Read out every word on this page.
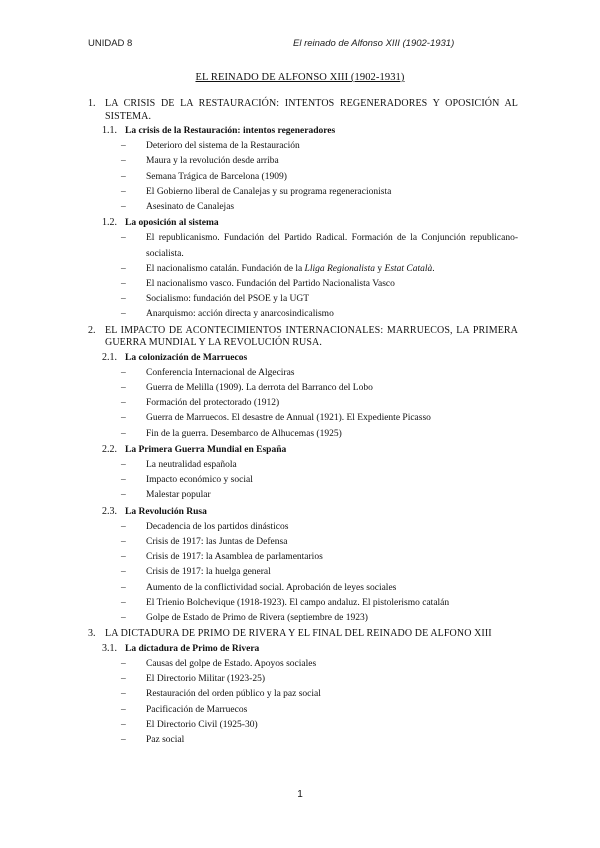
UNIDAD 8	El reinado de Alfonso XIII (1902-1931)
EL REINADO DE ALFONSO XIII (1902-1931)
1. LA CRISIS DE LA RESTAURACIÓN: INTENTOS REGENERADORES Y OPOSICIÓN AL SISTEMA.
1.1. La crisis de la Restauración: intentos regeneradores
– Deterioro del sistema de la Restauración
– Maura y la revolución desde arriba
– Semana Trágica de Barcelona (1909)
– El Gobierno liberal de Canalejas y su programa regeneracionista
– Asesinato de Canalejas
1.2. La oposición al sistema
– El republicanismo. Fundación del Partido Radical. Formación de la Conjunción republicano-socialista.
– El nacionalismo catalán. Fundación de la Lliga Regionalista y Estat Català.
– El nacionalismo vasco. Fundación del Partido Nacionalista Vasco
– Socialismo: fundación del PSOE y la UGT
– Anarquismo: acción directa y anarcosindicalismo
2. EL IMPACTO DE ACONTECIMIENTOS INTERNACIONALES: MARRUECOS, LA PRIMERA GUERRA MUNDIAL Y LA REVOLUCIÓN RUSA.
2.1. La colonización de Marruecos
– Conferencia Internacional de Algeciras
– Guerra de Melilla (1909). La derrota del Barranco del Lobo
– Formación del protectorado (1912)
– Guerra de Marruecos. El desastre de Annual (1921). El Expediente Picasso
– Fin de la guerra. Desembarco de Alhucemas (1925)
2.2. La Primera Guerra Mundial en España
– La neutralidad española
– Impacto económico y social
– Malestar popular
2.3. La Revolución Rusa
– Decadencia de los partidos dinásticos
– Crisis de 1917: las Juntas de Defensa
– Crisis de 1917: la Asamblea de parlamentarios
– Crisis de 1917: la huelga general
– Aumento de la conflictividad social. Aprobación de leyes sociales
– El Trienio Bolchevique (1918-1923). El campo andaluz. El pistolerismo catalán
– Golpe de Estado de Primo de Rivera (septiembre de 1923)
3. LA DICTADURA DE PRIMO DE RIVERA Y EL FINAL DEL REINADO DE ALFONO XIII
3.1. La dictadura de Primo de Rivera
– Causas del golpe de Estado. Apoyos sociales
– El Directorio Militar (1923-25)
– Restauración del orden público y la paz social
– Pacificación de Marruecos
– El Directorio Civil (1925-30)
– Paz social
1
